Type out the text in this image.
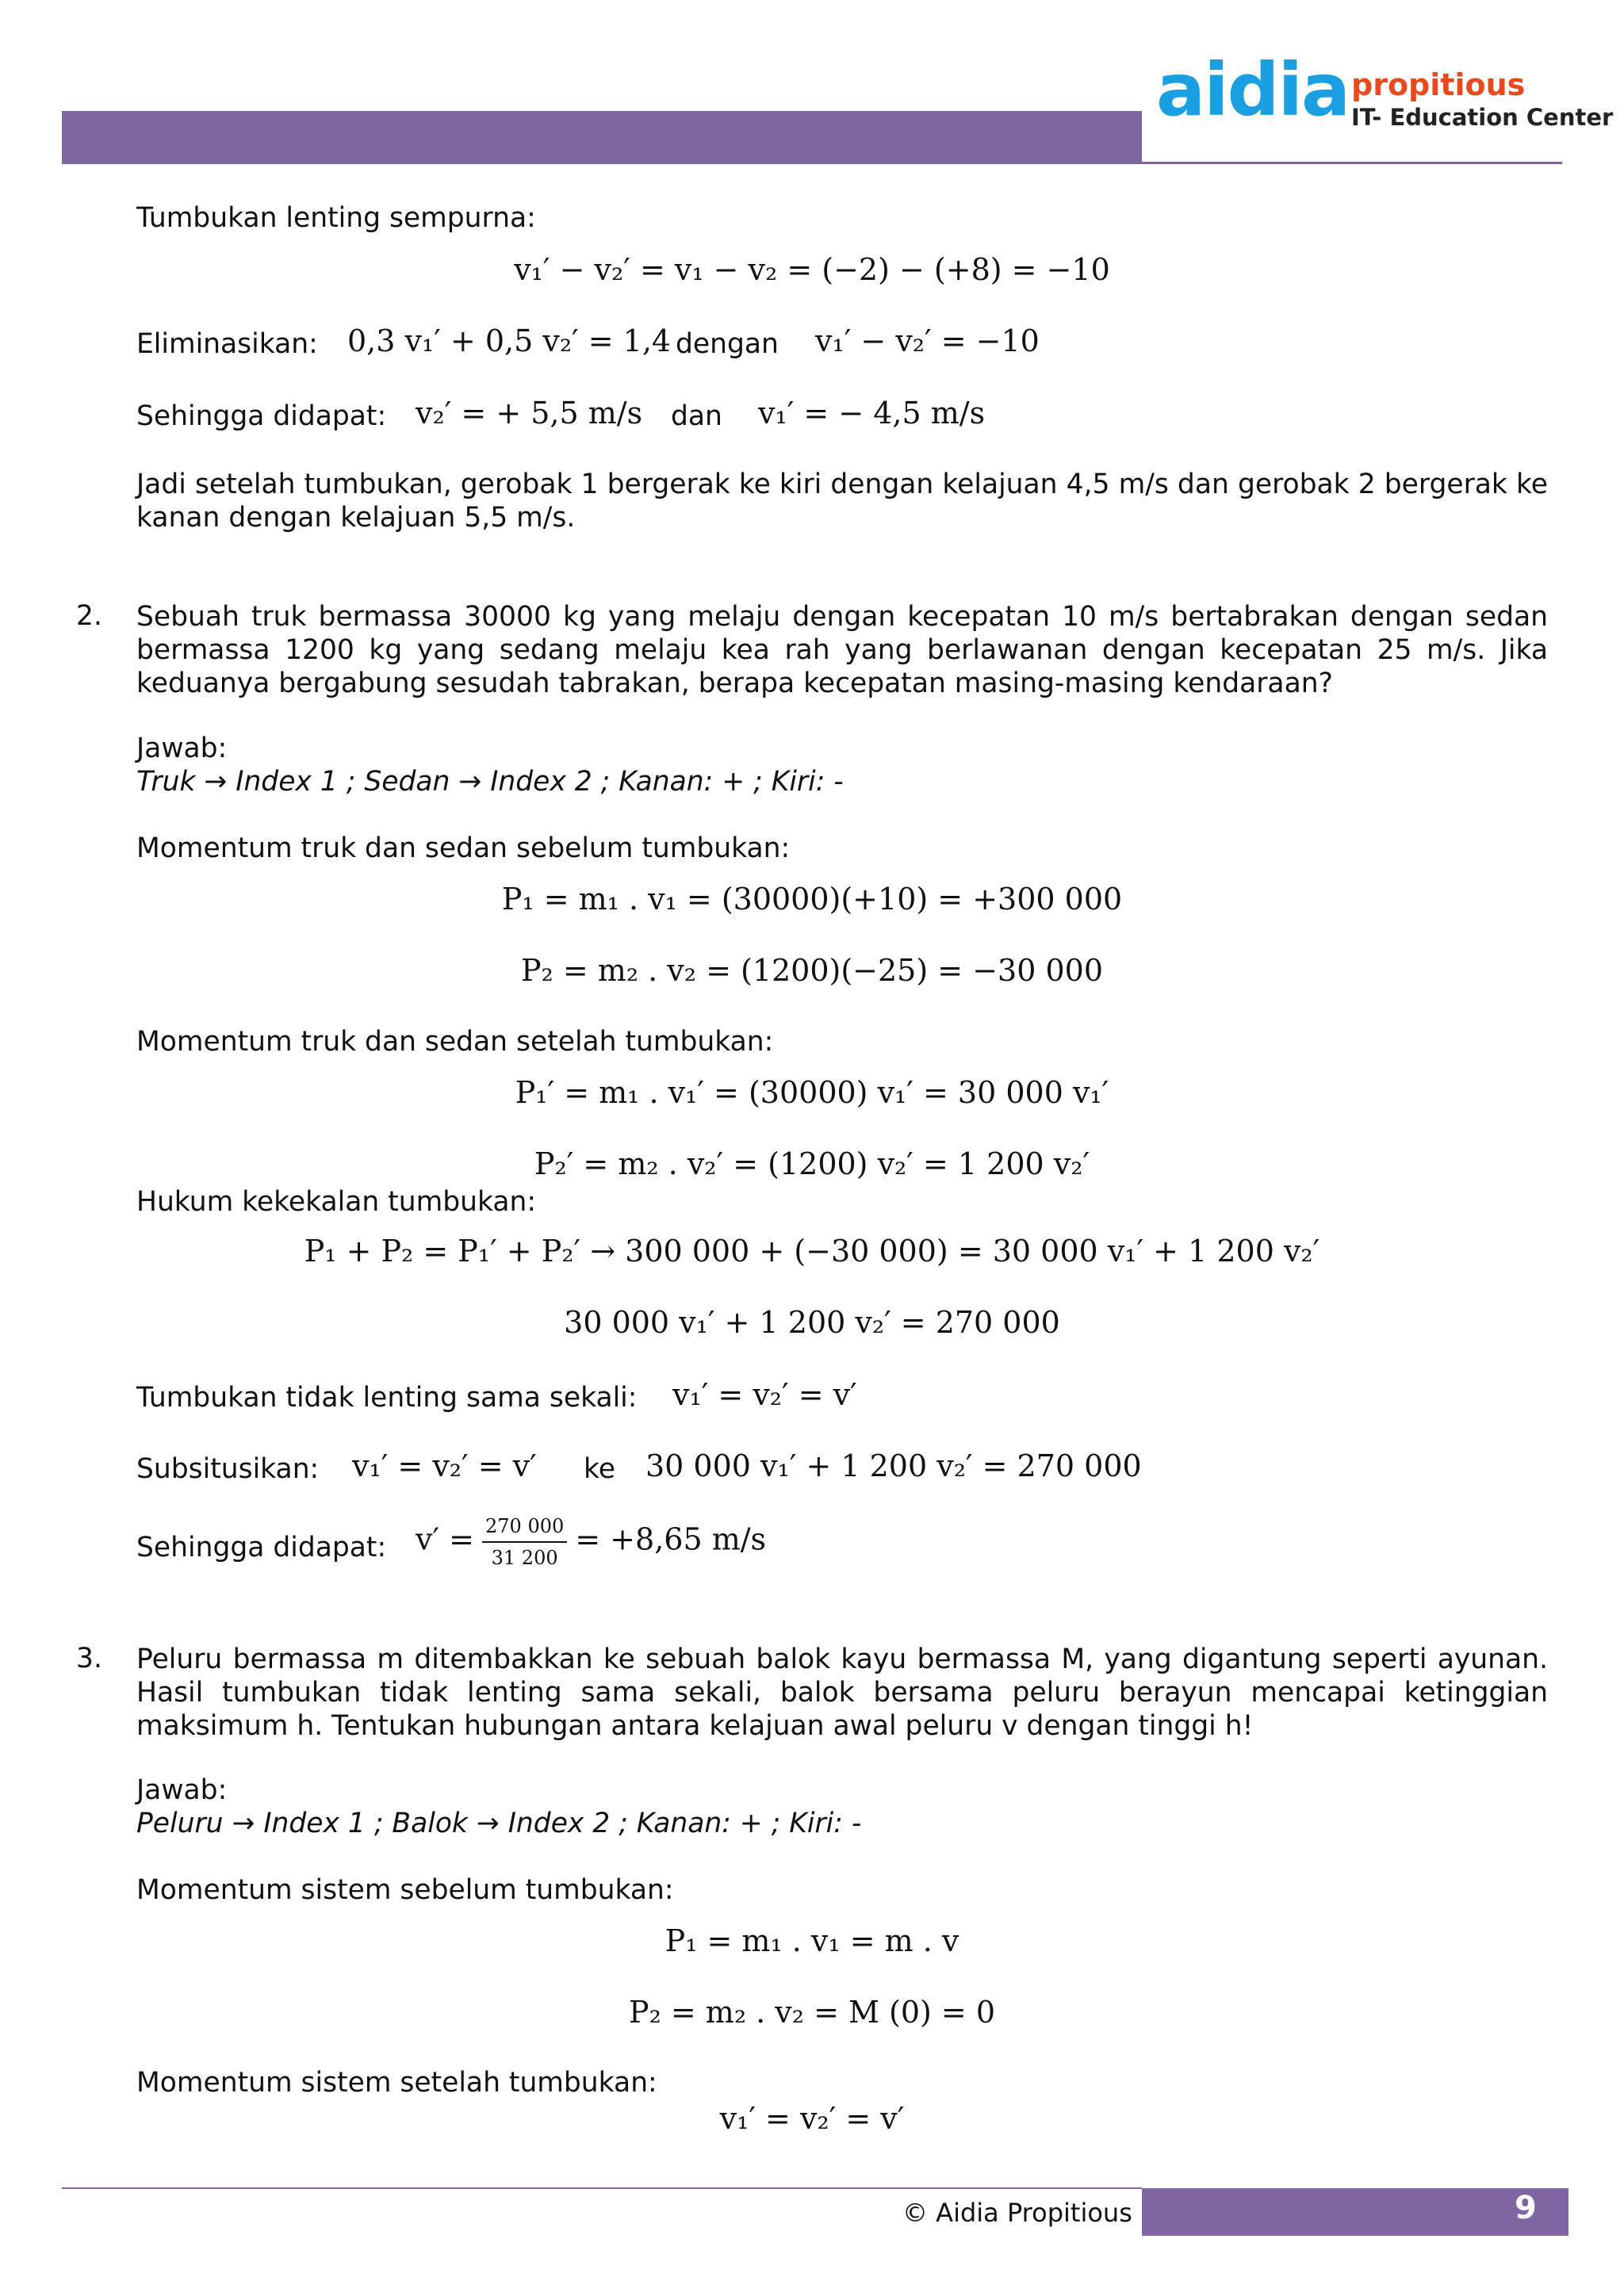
aidia propitious
IT- Education Center
Tumbukan lenting sempurna:
v₁′ − v₂′ = v₁ − v₂ = (−2) − (+8) = −10
Eliminasikan: 0,3 v₁′ + 0,5 v₂′ = 1,4 dengan v₁′ − v₂′ = −10
Sehingga didapat: v₂′ = + 5,5 m/s dan v₁′ = − 4,5 m/s
Jadi setelah tumbukan, gerobak 1 bergerak ke kiri dengan kelajuan 4,5 m/s dan gerobak 2 bergerak ke kanan dengan kelajuan 5,5 m/s.
2. Sebuah truk bermassa 30000 kg yang melaju dengan kecepatan 10 m/s bertabrakan dengan sedan bermassa 1200 kg yang sedang melaju kea rah yang berlawanan dengan kecepatan 25 m/s. Jika keduanya bergabung sesudah tabrakan, berapa kecepatan masing-masing kendaraan?
Jawab:
Truk → Index 1 ; Sedan → Index 2 ; Kanan: + ; Kiri: -
Momentum truk dan sedan sebelum tumbukan:
P₁ = m₁ . v₁ = (30000)(+10) = +300 000
P₂ = m₂ . v₂ = (1200)(−25) = −30 000
Momentum truk dan sedan setelah tumbukan:
P₁′ = m₁ . v₁′ = (30000) v₁′ = 30 000 v₁′
P₂′ = m₂ . v₂′ = (1200) v₂′ = 1 200 v₂′
Hukum kekekalan tumbukan:
P₁ + P₂ = P₁′ + P₂′ → 300 000 + (−30 000) = 30 000 v₁′ + 1 200 v₂′
30 000 v₁′ + 1 200 v₂′ = 270 000
Tumbukan tidak lenting sama sekali: v₁′ = v₂′ = v′
Subsitusikan: v₁′ = v₂′ = v′ ke 30 000 v₁′ + 1 200 v₂′ = 270 000
Sehingga didapat: $v' = \frac{270 000}{31 200} = +8,65$ m/s
3. Peluru bermassa m ditembakkan ke sebuah balok kayu bermassa M, yang digantung seperti ayunan. Hasil tumbukan tidak lenting sama sekali, balok bersama peluru berayun mencapai ketinggian maksimum h. Tentukan hubungan antara kelajuan awal peluru v dengan tinggi h!
Jawab:
Peluru → Index 1 ; Balok → Index 2 ; Kanan: + ; Kiri: -
Momentum sistem sebelum tumbukan:
P₁ = m₁ . v₁ = m . v
P₂ = m₂ . v₂ = M (0) = 0
Momentum sistem setelah tumbukan:
v₁′ = v₂′ = v′
© Aidia Propitious	9
